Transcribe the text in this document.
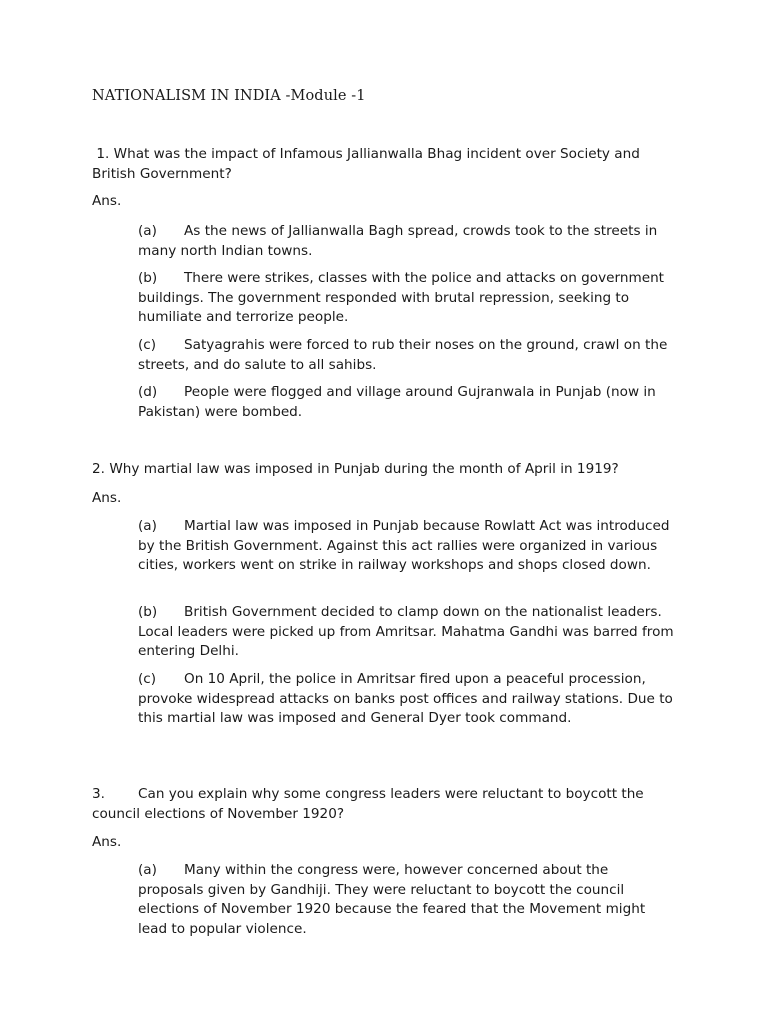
NATIONALISM IN INDIA -Module -1
1. What was the impact of Infamous Jallianwalla Bhag incident over Society and British Government?
Ans.
(a) As the news of Jallianwalla Bagh spread, crowds took to the streets in many north Indian towns.
(b) There were strikes, classes with the police and attacks on government buildings. The government responded with brutal repression, seeking to humiliate and terrorize people.
(c) Satyagrahis were forced to rub their noses on the ground, crawl on the streets, and do salute to all sahibs.
(d) People were flogged and village around Gujranwala in Punjab (now in Pakistan) were bombed.
2. Why martial law was imposed in Punjab during the month of April in 1919?
Ans.
(a) Martial law was imposed in Punjab because Rowlatt Act was introduced by the British Government. Against this act rallies were organized in various cities, workers went on strike in railway workshops and shops closed down.
(b) British Government decided to clamp down on the nationalist leaders. Local leaders were picked up from Amritsar. Mahatma Gandhi was barred from entering Delhi.
(c) On 10 April, the police in Amritsar fired upon a peaceful procession, provoke widespread attacks on banks post offices and railway stations. Due to this martial law was imposed and General Dyer took command.
3. Can you explain why some congress leaders were reluctant to boycott the council elections of November 1920?
Ans.
(a) Many within the congress were, however concerned about the proposals given by Gandhiji. They were reluctant to boycott the council elections of November 1920 because the feared that the Movement might lead to popular violence.
